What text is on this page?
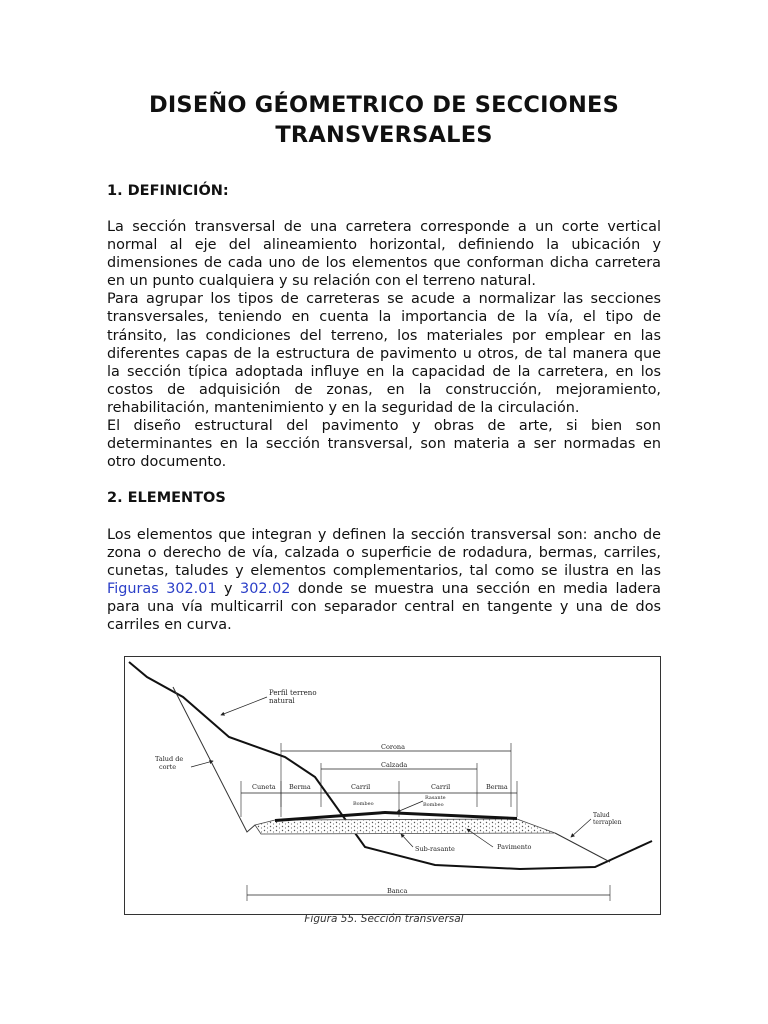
DISEÑO GÉOMETRICO DE SECCIONES
TRANSVERSALES
1. DEFINICIÓN:

La sección transversal de una carretera corresponde a un corte vertical normal al eje del alineamiento horizontal, definiendo la ubicación y dimensiones de cada uno de los elementos que conforman dicha carretera en un punto cualquiera y su relación con el terreno natural.

Para agrupar los tipos de carreteras se acude a normalizar las secciones transversales, teniendo en cuenta la importancia de la vía, el tipo de tránsito, las condiciones del terreno, los materiales por emplear en las diferentes capas de la estructura de pavimento u otros, de tal manera que la sección típica adoptada influye en la capacidad de la carretera, en los costos de adquisición de zonas, en la construcción, mejoramiento, rehabilitación, mantenimiento y en la seguridad de la circulación.

El diseño estructural del pavimento y obras de arte, si bien son determinantes en la sección transversal, son materia a ser normadas en otro documento.

2. ELEMENTOS

Los elementos que integran y definen la sección transversal son: ancho de zona o derecho de vía, calzada o superficie de rodadura, bermas, carriles, cunetas, taludes y elementos complementarios, tal como se ilustra en las Figuras 302.01 y 302.02 donde se muestra una sección en media ladera para una vía multicarril con separador central en tangente y una de dos carriles en curva.

Perfil terreno
natural
Talud de
corte
Corona
Calzada
Cuneta Berma	Carril	Carril	Berma
Bombeo
Rasante
Bombeo
Sub-rasante	Pavimento
Talud
terraplen
Banca
Figura 55. Sección transversal
